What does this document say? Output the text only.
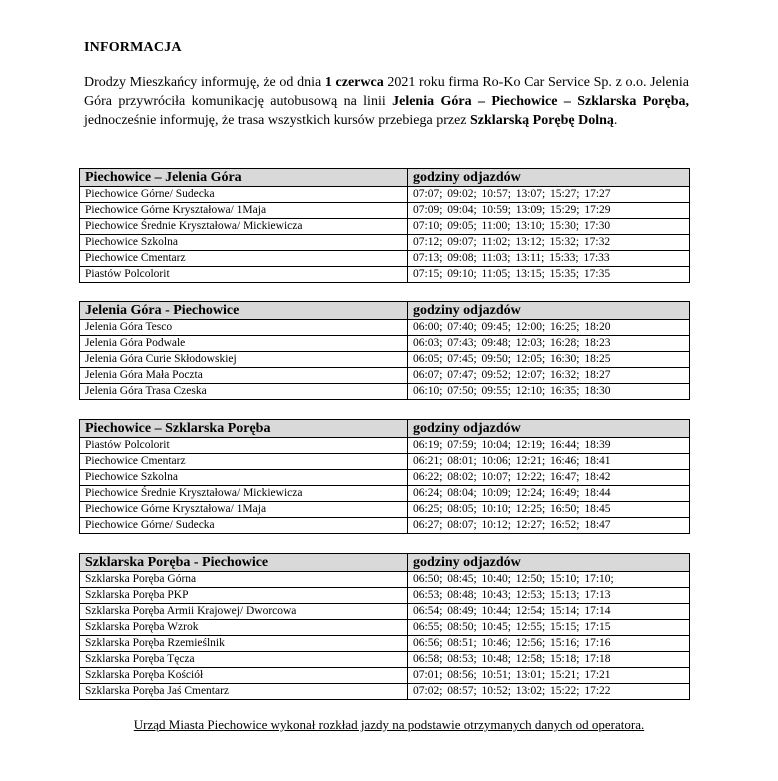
INFORMACJA
Drodzy Mieszkańcy informuję, że od dnia 1 czerwca 2021 roku firma Ro-Ko Car Service Sp. z o.o. Jelenia Góra przywróciła komunikację autobusową na linii Jelenia Góra – Piechowice – Szklarska Poręba, jednocześnie informuję, że trasa wszystkich kursów przebiega przez Szklarską Porębę Dolną.
Piechowice – Jelenia Góra	godziny odjazdów
Piechowice Górne/ Sudecka	07:07; 09:02; 10:57; 13:07; 15:27; 17:27
Piechowice Górne Kryształowa/ 1Maja	07:09; 09:04; 10:59; 13:09; 15:29; 17:29
Piechowice Średnie Kryształowa/ Mickiewicza	07:10; 09:05; 11:00; 13:10; 15:30; 17:30
Piechowice Szkolna	07:12; 09:07; 11:02; 13:12; 15:32; 17:32
Piechowice Cmentarz	07:13; 09:08; 11:03; 13:11; 15:33; 17:33
Piastów Polcolorit	07:15; 09:10; 11:05; 13:15; 15:35; 17:35
Jelenia Góra - Piechowice	godziny odjazdów
Jelenia Góra Tesco	06:00; 07:40; 09:45; 12:00; 16:25; 18:20
Jelenia Góra Podwale	06:03; 07:43; 09:48; 12:03; 16:28; 18:23
Jelenia Góra Curie Skłodowskiej	06:05; 07:45; 09:50; 12:05; 16:30; 18:25
Jelenia Góra Mała Poczta	06:07; 07:47; 09:52; 12:07; 16:32; 18:27
Jelenia Góra Trasa Czeska	06:10; 07:50; 09:55; 12:10; 16:35; 18:30
Piechowice – Szklarska Poręba	godziny odjazdów
Piastów Polcolorit	06:19; 07:59; 10:04; 12:19; 16:44; 18:39
Piechowice Cmentarz	06:21; 08:01; 10:06; 12:21; 16:46; 18:41
Piechowice Szkolna	06:22; 08:02; 10:07; 12:22; 16:47; 18:42
Piechowice Średnie Kryształowa/ Mickiewicza	06:24; 08:04; 10:09; 12:24; 16:49; 18:44
Piechowice Górne Kryształowa/ 1Maja	06:25; 08:05; 10:10; 12:25; 16:50; 18:45
Piechowice Górne/ Sudecka	06:27; 08:07; 10:12; 12:27; 16:52; 18:47
Szklarska Poręba - Piechowice	godziny odjazdów
Szklarska Poręba Górna	06:50; 08:45; 10:40; 12:50; 15:10; 17:10;
Szklarska Poręba PKP	06:53; 08:48; 10:43; 12:53; 15:13; 17:13
Szklarska Poręba Armii Krajowej/ Dworcowa	06:54; 08:49; 10:44; 12:54; 15:14; 17:14
Szklarska Poręba Wzrok	06:55; 08:50; 10:45; 12:55; 15:15; 17:15
Szklarska Poręba Rzemieślnik	06:56; 08:51; 10:46; 12:56; 15:16; 17:16
Szklarska Poręba Tęcza	06:58; 08:53; 10:48; 12:58; 15:18; 17:18
Szklarska Poręba Kościół	07:01; 08:56; 10:51; 13:01; 15:21; 17:21
Szklarska Poręba Jaś Cmentarz	07:02; 08:57; 10:52; 13:02; 15:22; 17:22
Urząd Miasta Piechowice wykonał rozkład jazdy na podstawie otrzymanych danych od operatora.
